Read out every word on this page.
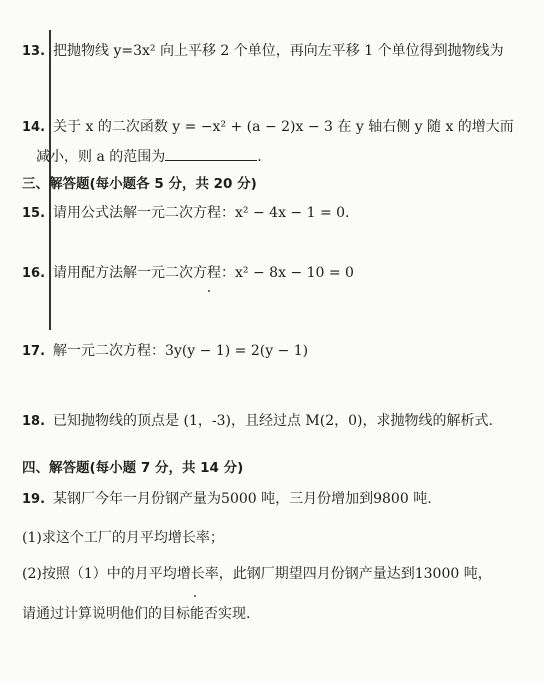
13. 把抛物线 y=3x² 向上平移 2 个单位，再向左平移 1 个单位得到抛物线为
14. 关于 x 的二次函数 y = −x² + (a − 2)x − 3 在 y 轴右侧 y 随 x 的增大而
减小，则 a 的范围为	.
三、解答题(每小题各 5 分，共 20 分)
15. 请用公式法解一元二次方程：x² − 4x − 1 = 0.
16. 请用配方法解一元二次方程：x² − 8x − 10 = 0
17. 解一元二次方程：3y(y − 1) = 2(y − 1)
18. 已知抛物线的顶点是 (1，-3)，且经过点 M(2，0)，求抛物线的解析式.
四、解答题(每小题 7 分，共 14 分)
19. 某钢厂今年一月份钢产量为5000 吨，三月份增加到9800 吨.
(1)求这个工厂的月平均增长率；
(2)按照（1）中的月平均增长率，此钢厂期望四月份钢产量达到13000 吨，
请通过计算说明他们的目标能否实现.
